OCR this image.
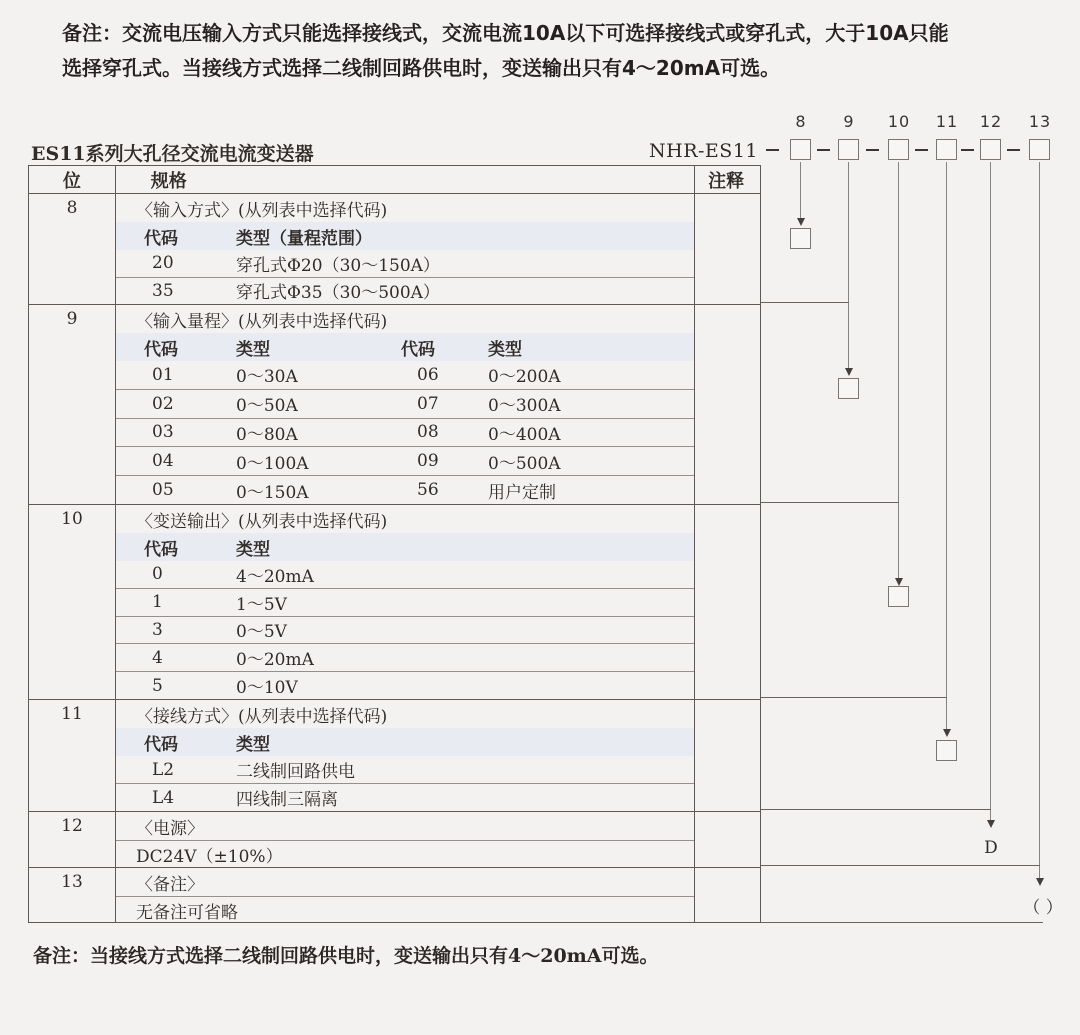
备注：交流电压输入方式只能选择接线式，交流电流10A以下可选择接线式或穿孔式，大于10A只能
选择穿孔式。当接线方式选择二线制回路供电时，变送输出只有4～20mA可选。
ES11系列大孔径交流电流变送器	NHR-ES11
8	9	10	11	12	13
D
（ ）
位	规格	注释
8	〈输入方式〉(从列表中选择代码)
代码	类型（量程范围）
20	穿孔式Φ20（30～150A）
35	穿孔式Φ35（30～500A）
9	〈输入量程〉(从列表中选择代码)
代码	类型	代码	类型
01	0～30A	06	0～200A
02	0～50A	07	0～300A
03	0～80A	08	0～400A
04	0～100A	09	0～500A
05	0～150A	56	用户定制
10	〈变送输出〉(从列表中选择代码)
代码	类型
0	4～20mA
1	1～5V
3	0～5V
4	0～20mA
5	0～10V
11	〈接线方式〉(从列表中选择代码)
代码	类型
L2	二线制回路供电
L4	四线制三隔离
12	〈电源〉
DC24V（±10%）
13	〈备注〉
无备注可省略
备注：当接线方式选择二线制回路供电时，变送输出只有4～20mA可选。
